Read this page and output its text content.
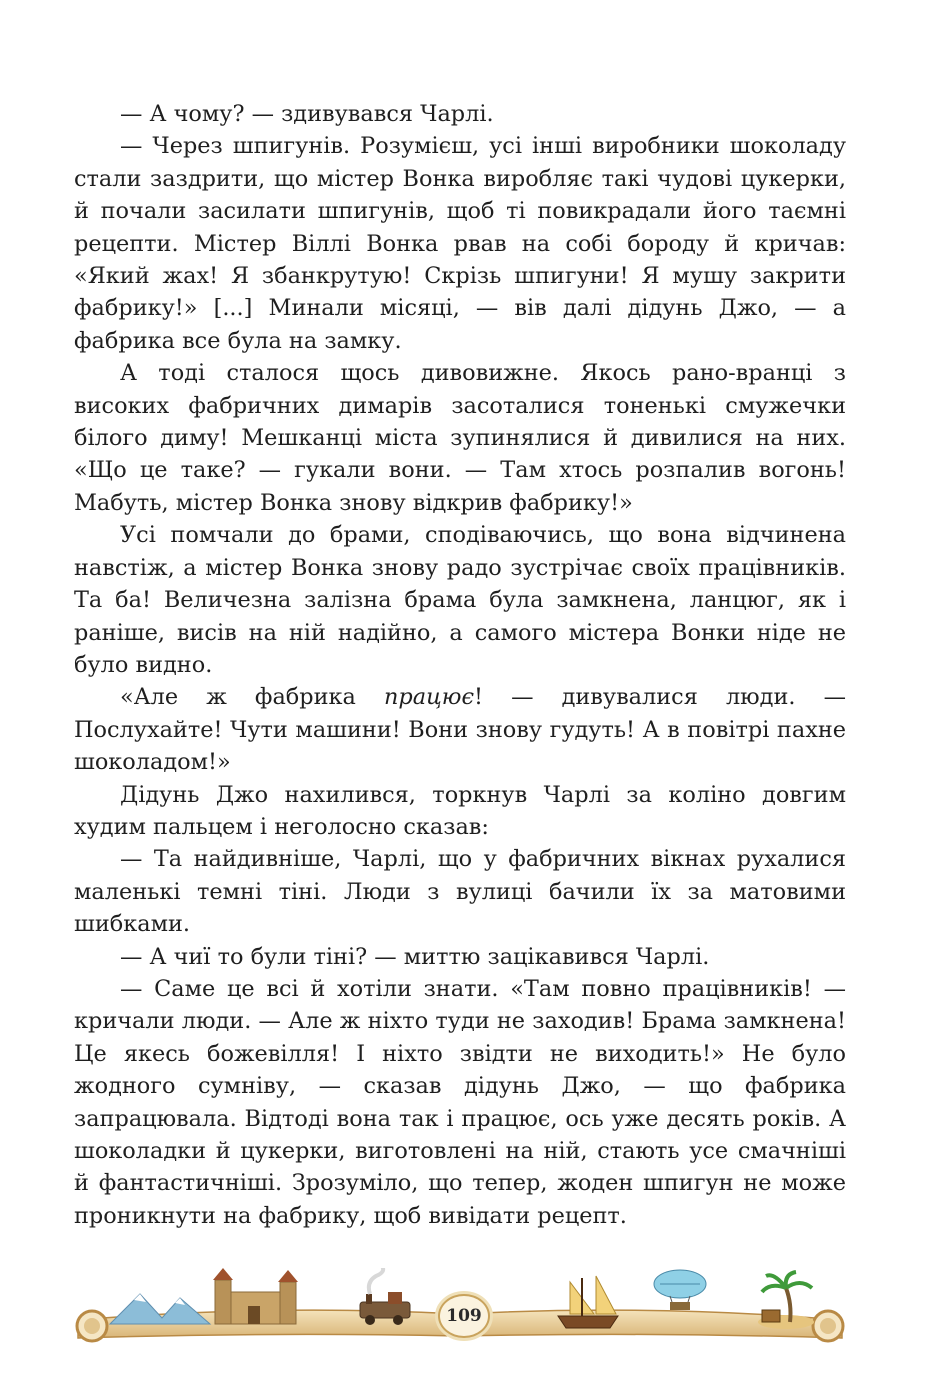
— А чому? — здивувався Чарлі.

— Через шпигунів. Розумієш, усі інші виробники шоколаду стали заздрити, що містер Вонка виробляє такі чудові цукерки, й почали засилати шпигунів, щоб ті повикрадали його таємні рецепти. Містер Віллі Вонка рвав на собі бороду й кричав: «Який жах! Я збанкрутую! Скрізь шпигуни! Я мушу закрити фабрику!» [...] Минали місяці, — вів далі дідунь Джо, — а фабрика все була на замку.

А тоді сталося щось дивовижне. Якось рано-вранці з високих фабричних димарів засоталися тоненькі смужечки білого диму! Мешканці міста зупинялися й дивилися на них. «Що це таке? — гукали вони. — Там хтось розпалив вогонь! Мабуть, містер Вонка знову відкрив фабрику!»

Усі помчали до брами, сподіваючись, що вона відчинена навстіж, а містер Вонка знову радо зустрічає своїх працівників. Та ба! Величезна залізна брама була замкнена, ланцюг, як і раніше, висів на ній надійно, а самого містера Вонки ніде не було видно.

«Але ж фабрика працює! — дивувалися люди. — Послухайте! Чути машини! Вони знову гудуть! А в повітрі пахне шоколадом!»

Дідунь Джо нахилився, торкнув Чарлі за коліно довгим худим пальцем і неголосно сказав:

— Та найдивніше, Чарлі, що у фабричних вікнах рухалися маленькі темні тіні. Люди з вулиці бачили їх за матовими шибками.

— А чиї то були тіні? — миттю зацікавився Чарлі.

— Саме це всі й хотіли знати. «Там повно працівників! — кричали люди. — Але ж ніхто туди не заходив! Брама замкнена! Це якесь божевілля! І ніхто звідти не виходить!» Не було жодного сумніву, — сказав дідунь Джо, — що фабрика запрацювала. Відтоді вона так і працює, ось уже десять років. А шоколадки й цукерки, виготовлені на ній, стають усе смачніші й фантастичніші. Зрозуміло, що тепер, жоден шпигун не може проникнути на фабрику, щоб вивідати рецепт.

109
